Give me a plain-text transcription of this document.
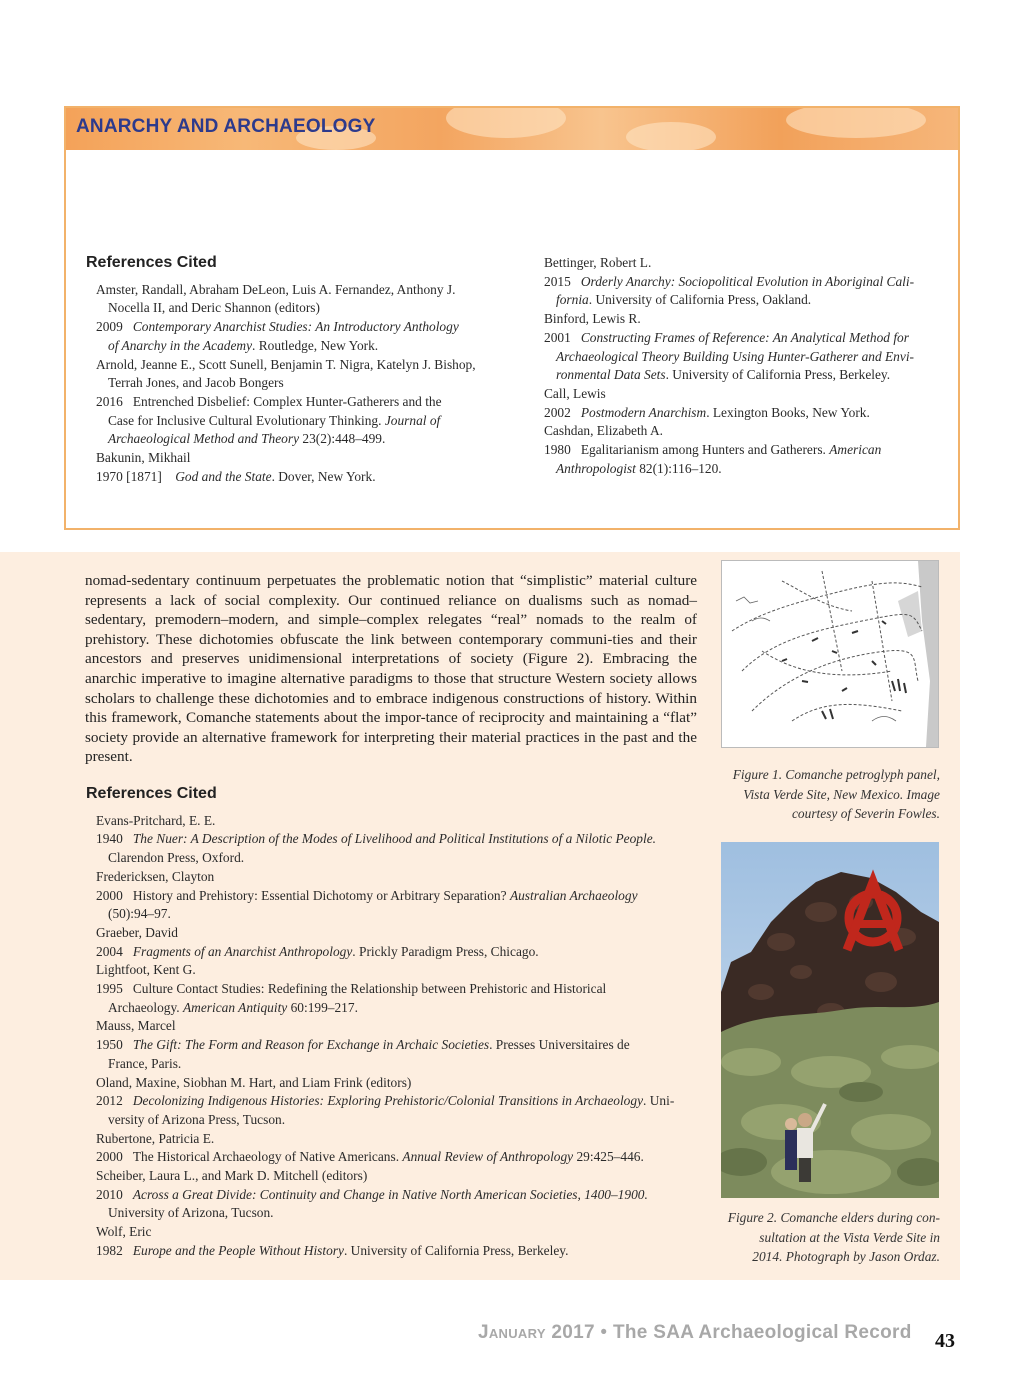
ANARCHY AND ARCHAEOLOGY
References Cited
Amster, Randall, Abraham DeLeon, Luis A. Fernandez, Anthony J.
Nocella II, and Deric Shannon (editors)
2009 Contemporary Anarchist Studies: An Introductory Anthology
of Anarchy in the Academy. Routledge, New York.
Arnold, Jeanne E., Scott Sunell, Benjamin T. Nigra, Katelyn J. Bishop,
Terrah Jones, and Jacob Bongers
2016 Entrenched Disbelief: Complex Hunter-Gatherers and the
Case for Inclusive Cultural Evolutionary Thinking. Journal of
Archaeological Method and Theory 23(2):448–499.
Bakunin, Mikhail
1970 [1871] God and the State. Dover, New York.
Bettinger, Robert L.
2015 Orderly Anarchy: Sociopolitical Evolution in Aboriginal Cali-
fornia. University of California Press, Oakland.
Binford, Lewis R.
2001 Constructing Frames of Reference: An Analytical Method for
Archaeological Theory Building Using Hunter-Gatherer and Envi-
ronmental Data Sets. University of California Press, Berkeley.
Call, Lewis
2002 Postmodern Anarchism. Lexington Books, New York.
Cashdan, Elizabeth A.
1980 Egalitarianism among Hunters and Gatherers. American
Anthropologist 82(1):116–120.
nomad-sedentary continuum perpetuates the problematic notion that “simplistic” material culture represents a lack of social complexity. Our continued reliance on dualisms such as nomad–sedentary, premodern–modern, and simple–complex relegates “real” nomads to the realm of prehistory. These dichotomies obfuscate the link between contemporary communi-ties and their ancestors and preserves unidimensional interpretations of society (Figure 2). Embracing the anarchic imperative to imagine alternative paradigms to those that structure Western society allows scholars to challenge these dichotomies and to embrace indigenous constructions of history. Within this framework, Comanche statements about the impor-tance of reciprocity and maintaining a “flat” society provide an alternative framework for interpreting their material practices in the past and the present.
References Cited
Evans-Pritchard, E. E.
1940 The Nuer: A Description of the Modes of Livelihood and Political Institutions of a Nilotic People.
Clarendon Press, Oxford.
Fredericksen, Clayton
2000 History and Prehistory: Essential Dichotomy or Arbitrary Separation? Australian Archaeology
(50):94–97.
Graeber, David
2004 Fragments of an Anarchist Anthropology. Prickly Paradigm Press, Chicago.
Lightfoot, Kent G.
1995 Culture Contact Studies: Redefining the Relationship between Prehistoric and Historical
Archaeology. American Antiquity 60:199–217.
Mauss, Marcel
1950 The Gift: The Form and Reason for Exchange in Archaic Societies. Presses Universitaires de
France, Paris.
Oland, Maxine, Siobhan M. Hart, and Liam Frink (editors)
2012 Decolonizing Indigenous Histories: Exploring Prehistoric/Colonial Transitions in Archaeology. Uni-
versity of Arizona Press, Tucson.
Rubertone, Patricia E.
2000 The Historical Archaeology of Native Americans. Annual Review of Anthropology 29:425–446.
Scheiber, Laura L., and Mark D. Mitchell (editors)
2010 Across a Great Divide: Continuity and Change in Native North American Societies, 1400–1900.
University of Arizona, Tucson.
Wolf, Eric
1982 Europe and the People Without History. University of California Press, Berkeley.
Figure 1. Comanche petroglyph panel,
Vista Verde Site, New Mexico. Image
courtesy of Severin Fowles.
Figure 2. Comanche elders during con-
sultation at the Vista Verde Site in
2014. Photograph by Jason Ordaz.
January 2017 • The SAA Archaeological Record 43
